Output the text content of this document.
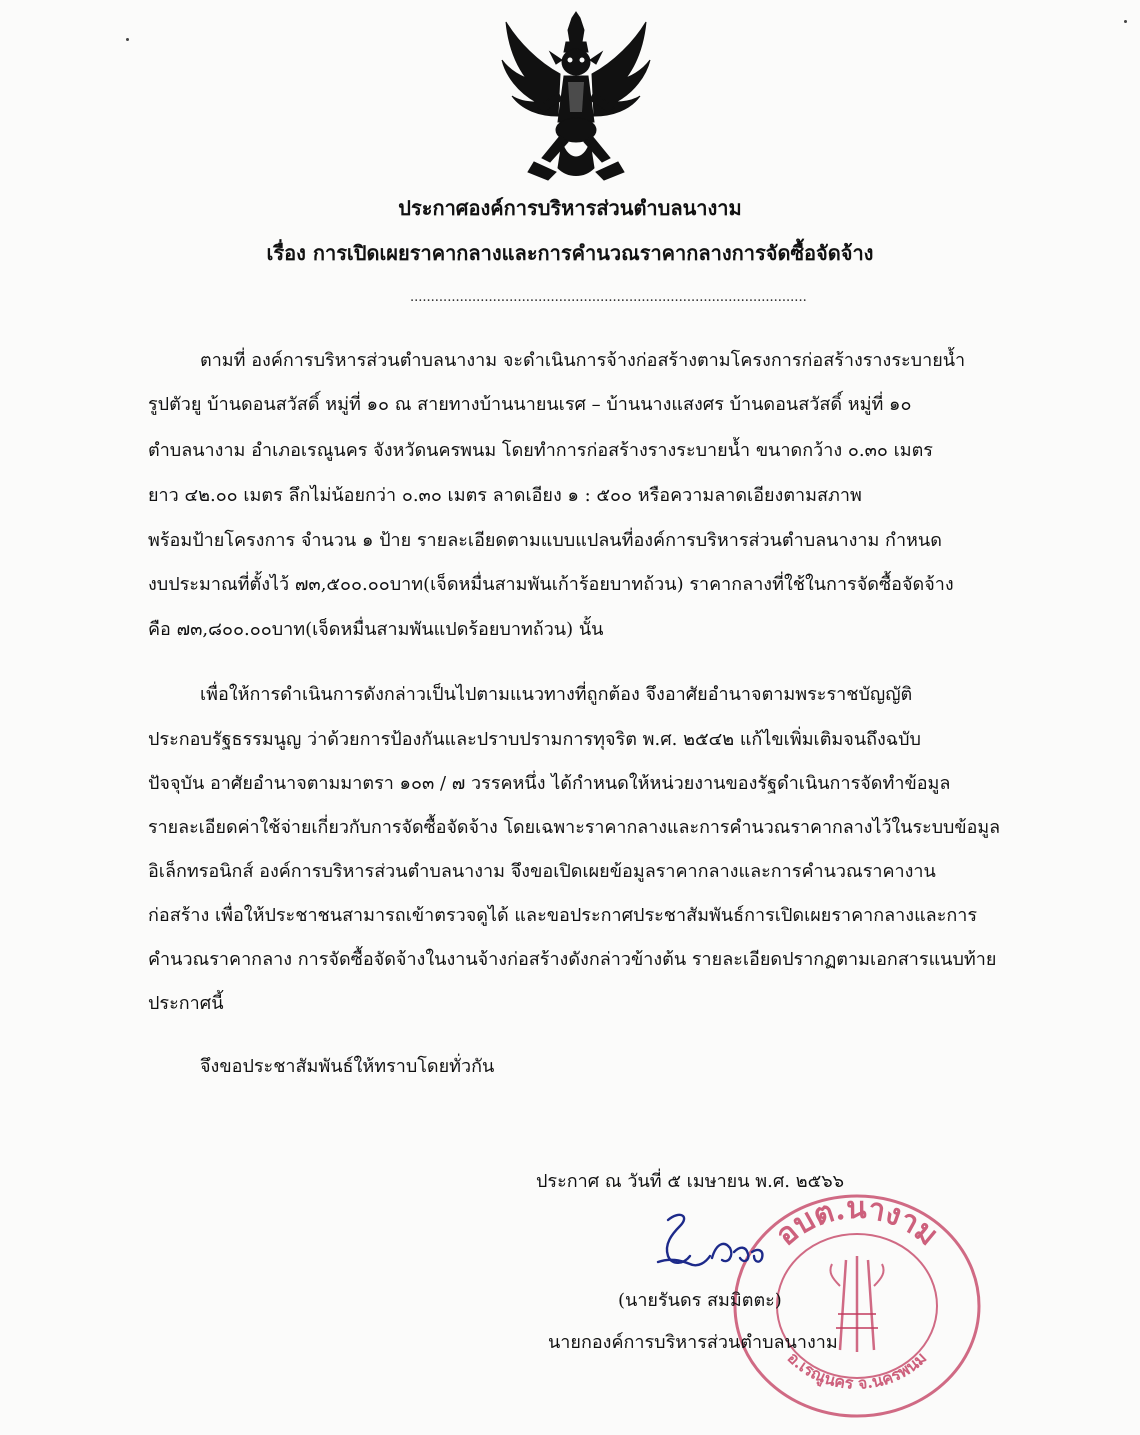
ประกาศองค์การบริหารส่วนตำบลนางาม
เรื่อง การเปิดเผยราคากลางและการคำนวณราคากลางการจัดซื้อจัดจ้าง
................................................................................................
ตามที่ องค์การบริหารส่วนตำบลนางาม จะดำเนินการจ้างก่อสร้างตามโครงการก่อสร้างรางระบายน้ำ
รูปตัวยู บ้านดอนสวัสดิ์ หมู่ที่ ๑๐ ณ สายทางบ้านนายนเรศ – บ้านนางแสงศร บ้านดอนสวัสดิ์ หมู่ที่ ๑๐
ตำบลนางาม อำเภอเรณูนคร จังหวัดนครพนม โดยทำการก่อสร้างรางระบายน้ำ ขนาดกว้าง ๐.๓๐ เมตร
ยาว ๔๒.๐๐ เมตร ลึกไม่น้อยกว่า ๐.๓๐ เมตร ลาดเอียง ๑ : ๕๐๐ หรือความลาดเอียงตามสภาพ
พร้อมป้ายโครงการ จำนวน ๑ ป้าย รายละเอียดตามแบบแปลนที่องค์การบริหารส่วนตำบลนางาม กำหนด
งบประมาณที่ตั้งไว้ ๗๓,๕๐๐.๐๐บาท(เจ็ดหมื่นสามพันเก้าร้อยบาทถ้วน) ราคากลางที่ใช้ในการจัดซื้อจัดจ้าง
คือ ๗๓,๘๐๐.๐๐บาท(เจ็ดหมื่นสามพันแปดร้อยบาทถ้วน) นั้น
เพื่อให้การดำเนินการดังกล่าวเป็นไปตามแนวทางที่ถูกต้อง จึงอาศัยอำนาจตามพระราชบัญญัติ
ประกอบรัฐธรรมนูญ ว่าด้วยการป้องกันและปราบปรามการทุจริต พ.ศ. ๒๕๔๒ แก้ไขเพิ่มเติมจนถึงฉบับ
ปัจจุบัน อาศัยอำนาจตามมาตรา ๑๐๓ / ๗ วรรคหนึ่ง ได้กำหนดให้หน่วยงานของรัฐดำเนินการจัดทำข้อมูล
รายละเอียดค่าใช้จ่ายเกี่ยวกับการจัดซื้อจัดจ้าง โดยเฉพาะราคากลางและการคำนวณราคากลางไว้ในระบบข้อมูล
อิเล็กทรอนิกส์ องค์การบริหารส่วนตำบลนางาม จึงขอเปิดเผยข้อมูลราคากลางและการคำนวณราคางาน
ก่อสร้าง เพื่อให้ประชาชนสามารถเข้าตรวจดูได้ และขอประกาศประชาสัมพันธ์การเปิดเผยราคากลางและการ
คำนวณราคากลาง การจัดซื้อจัดจ้างในงานจ้างก่อสร้างดังกล่าวข้างต้น รายละเอียดปรากฏตามเอกสารแนบท้าย
ประกาศนี้
จึงขอประชาสัมพันธ์ให้ทราบโดยทั่วกัน
อบต.นางาม
อ.เรณูนคร จ.นครพนม
ประกาศ ณ วันที่ ๕ เมษายน พ.ศ. ๒๕๖๖
(นายรันดร สมมิตตะ)
นายกองค์การบริหารส่วนตำบลนางาม
